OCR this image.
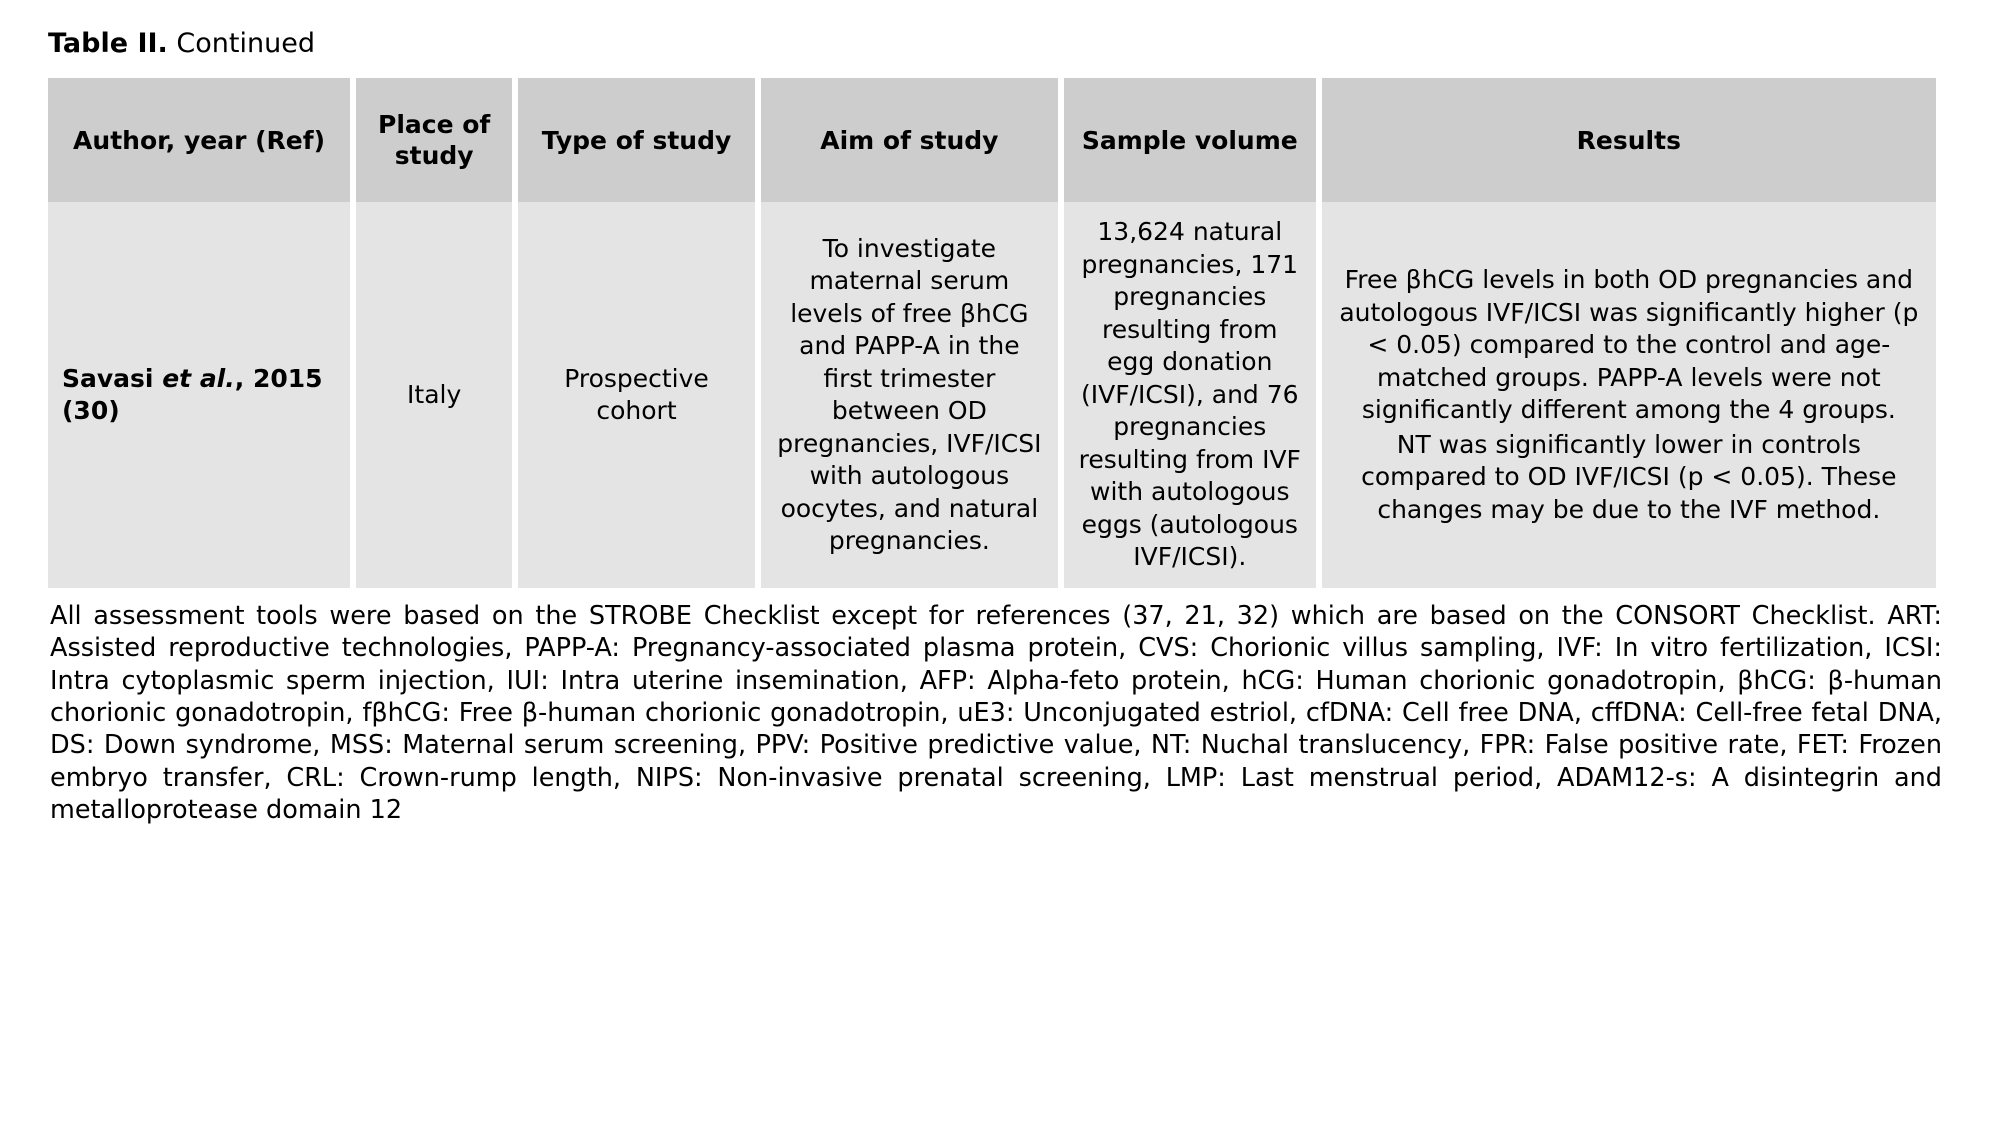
Table II. Continued
Author, year (Ref)	Place of study	Type of study	Aim of study	Sample volume	Results
Savasi et al., 2015 (30)	Italy	Prospective cohort	To investigate maternal serum levels of free βhCG and PAPP-A in the first trimester between OD pregnancies, IVF/ICSI with autologous oocytes, and natural pregnancies.	13,624 natural pregnancies, 171 pregnancies resulting from egg donation (IVF/ICSI), and 76 pregnancies resulting from IVF with autologous eggs (autologous IVF/ICSI).	Free βhCG levels in both OD pregnancies and autologous IVF/ICSI was significantly higher (p < 0.05) compared to the control and age-matched groups. PAPP-A levels were not significantly different among the 4 groups.

NT was significantly lower in controls compared to OD IVF/ICSI (p < 0.05). These changes may be due to the IVF method.

All assessment tools were based on the STROBE Checklist except for references (37, 21, 32) which are based on the CONSORT Checklist. ART: Assisted reproductive technologies, PAPP-A: Pregnancy-associated plasma protein, CVS: Chorionic villus sampling, IVF: In vitro fertilization, ICSI: Intra cytoplasmic sperm injection, IUI: Intra uterine insemination, AFP: Alpha-feto protein, hCG: Human chorionic gonadotropin, βhCG: β-human chorionic gonadotropin, fβhCG: Free β-human chorionic gonadotropin, uE3: Unconjugated estriol, cfDNA: Cell free DNA, cffDNA: Cell-free fetal DNA, DS: Down syndrome, MSS: Maternal serum screening, PPV: Positive predictive value, NT: Nuchal translucency, FPR: False positive rate, FET: Frozen embryo transfer, CRL: Crown-rump length, NIPS: Non-invasive prenatal screening, LMP: Last menstrual period, ADAM12-s: A disintegrin and metalloprotease domain 12
